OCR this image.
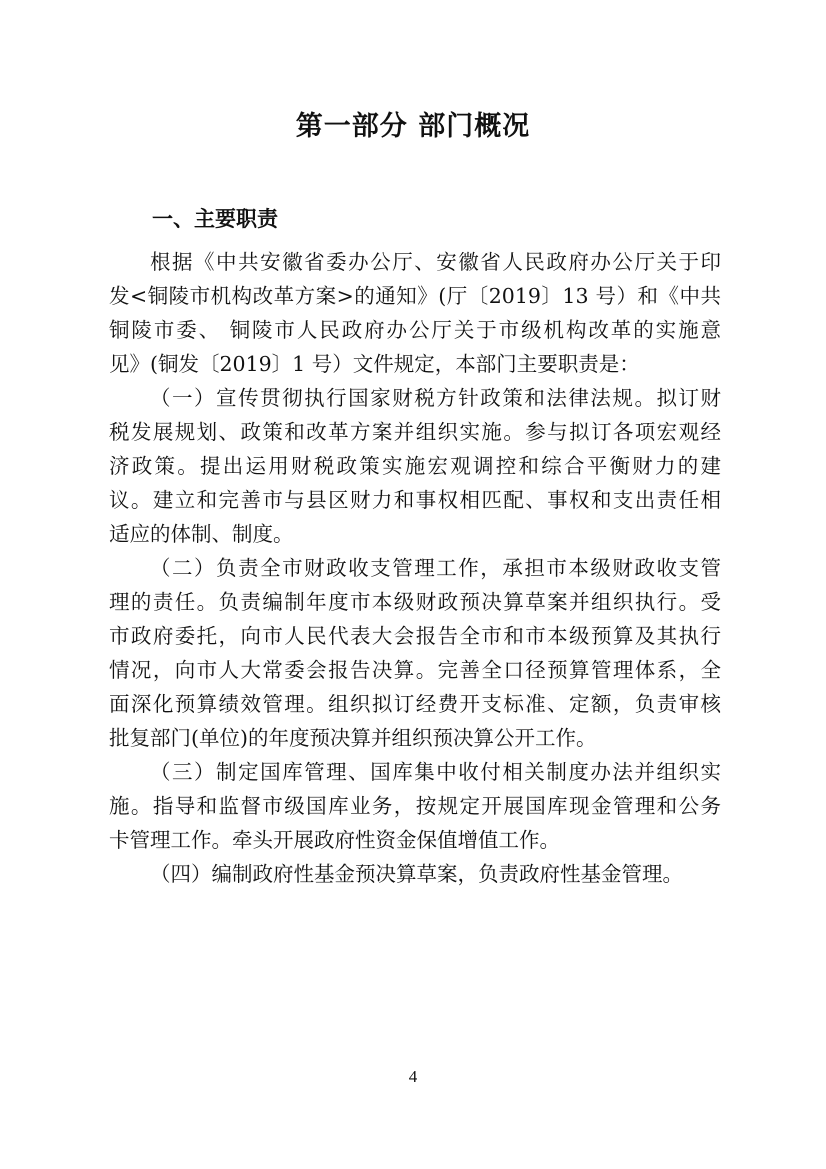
第一部分 部门概况
一、主要职责
根据《中共安徽省委办公厅、安徽省人民政府办公厅关于印
发<铜陵市机构改革方案>的通知》(厅〔2019〕13 号）和《中共
铜陵市委、 铜陵市人民政府办公厅关于市级机构改革的实施意
见》(铜发〔2019〕1 号）文件规定，本部门主要职责是：
（一）宣传贯彻执行国家财税方针政策和法律法规。拟订财
税发展规划、政策和改革方案并组织实施。参与拟订各项宏观经
济政策。提出运用财税政策实施宏观调控和综合平衡财力的建
议。建立和完善市与县区财力和事权相匹配、事权和支出责任相
适应的体制、制度。
（二）负责全市财政收支管理工作，承担市本级财政收支管
理的责任。负责编制年度市本级财政预决算草案并组织执行。受
市政府委托，向市人民代表大会报告全市和市本级预算及其执行
情况，向市人大常委会报告决算。完善全口径预算管理体系，全
面深化预算绩效管理。组织拟订经费开支标准、定额，负责审核
批复部门(单位)的年度预决算并组织预决算公开工作。
（三）制定国库管理、国库集中收付相关制度办法并组织实
施。指导和监督市级国库业务，按规定开展国库现金管理和公务
卡管理工作。牵头开展政府性资金保值增值工作。
（四）编制政府性基金预决算草案，负责政府性基金管理。
4
